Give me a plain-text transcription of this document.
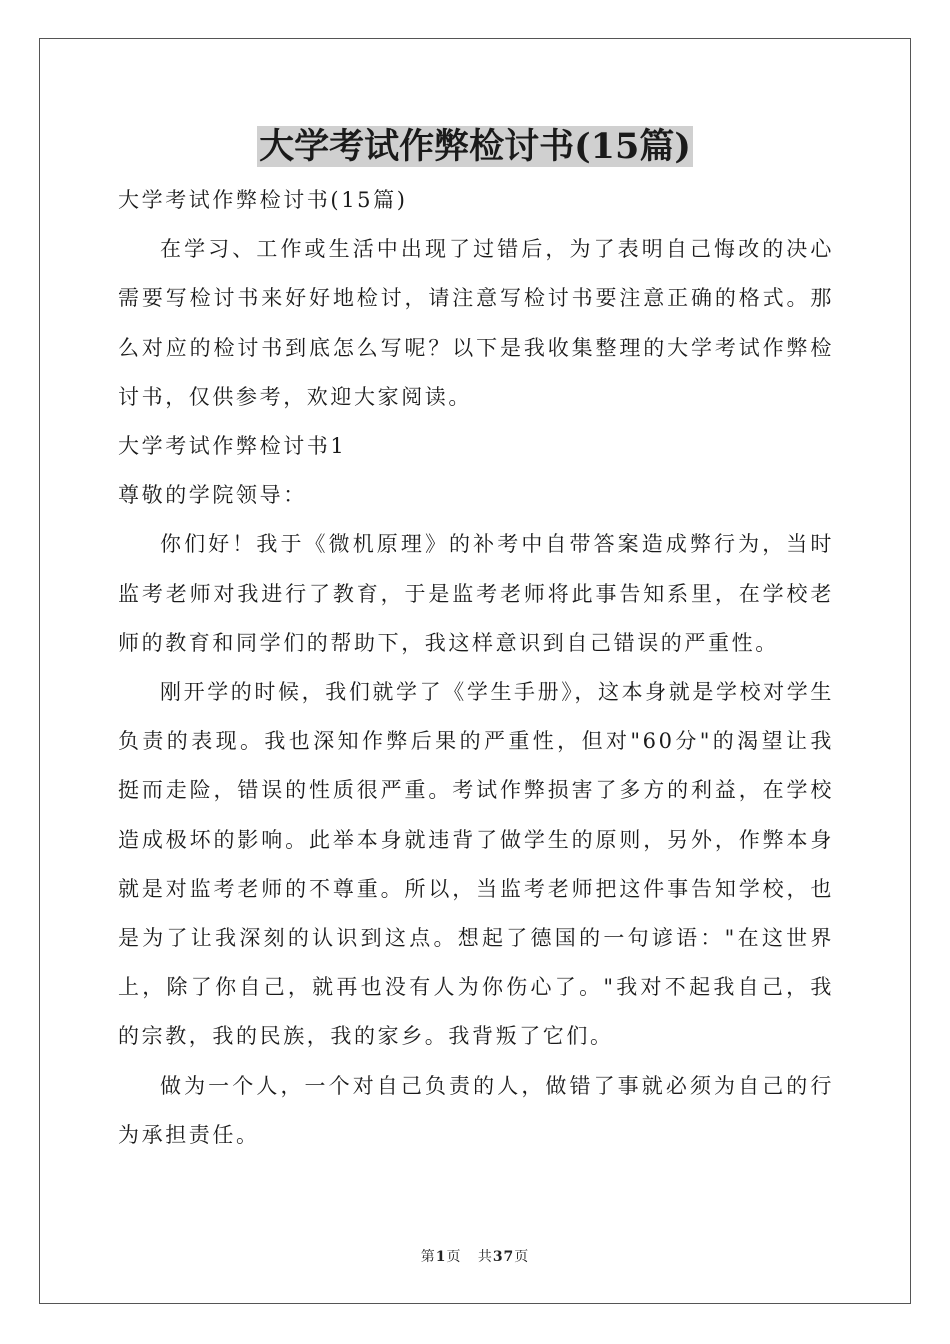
大学考试作弊检讨书(15篇)

大学考试作弊检讨书(15篇)

在学习、工作或生活中出现了过错后，为了表明自己悔改的决心需要写检讨书来好好地检讨，请注意写检讨书要注意正确的格式。那么对应的检讨书到底怎么写呢？以下是我收集整理的大学考试作弊检讨书，仅供参考，欢迎大家阅读。

大学考试作弊检讨书1

尊敬的学院领导：

你们好！我于《微机原理》的补考中自带答案造成弊行为，当时监考老师对我进行了教育，于是监考老师将此事告知系里，在学校老师的教育和同学们的帮助下，我这样意识到自己错误的严重性。

刚开学的时候，我们就学了《学生手册》，这本身就是学校对学生负责的表现。我也深知作弊后果的严重性，但对"60分"的渴望让我挺而走险，错误的性质很严重。考试作弊损害了多方的利益，在学校造成极坏的影响。此举本身就违背了做学生的原则，另外，作弊本身就是对监考老师的不尊重。所以，当监考老师把这件事告知学校，也是为了让我深刻的认识到这点。想起了德国的一句谚语："在这世界上，除了你自己，就再也没有人为你伤心了。"我对不起我自己，我的宗教，我的民族，我的家乡。我背叛了它们。

做为一个人，一个对自己负责的人，做错了事就必须为自己的行为承担责任。

第1页 共37页
